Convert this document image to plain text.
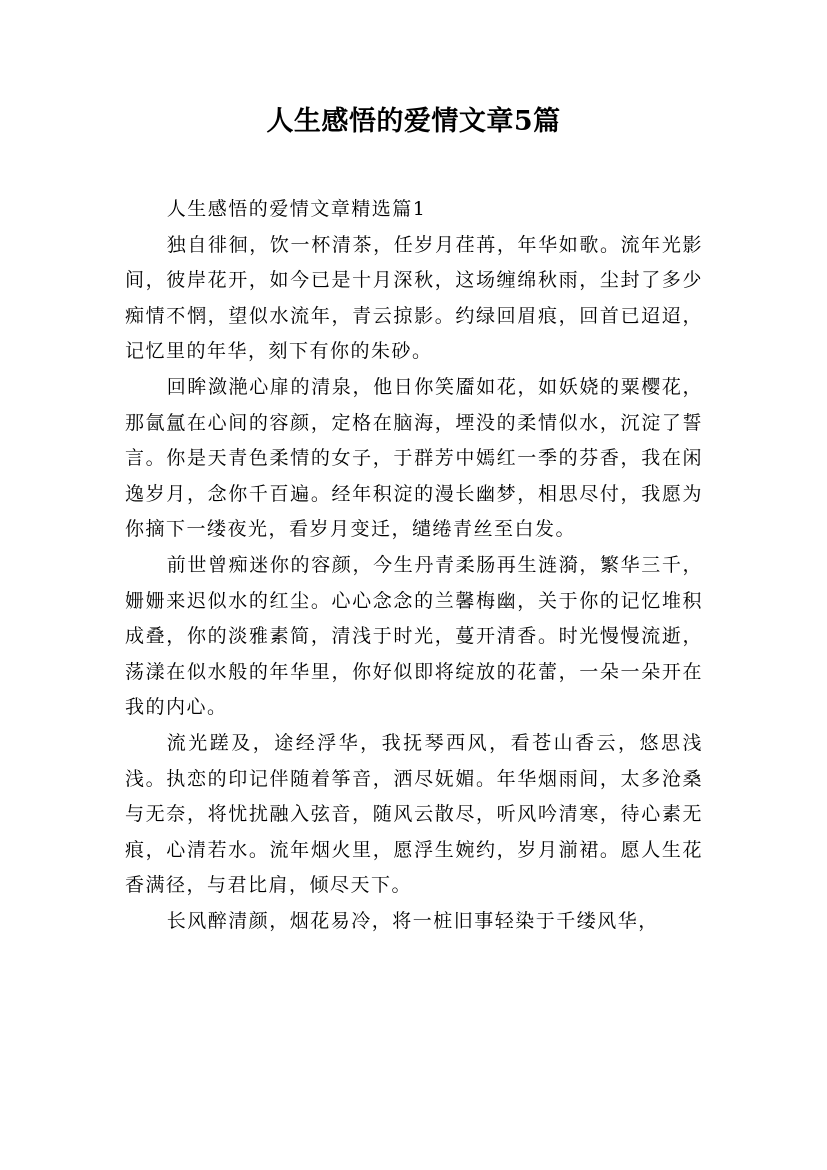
人生感悟的爱情文章5篇

人生感悟的爱情文章精选篇1

独自徘徊，饮一杯清茶，任岁月荏苒，年华如歌。流年光影间，彼岸花开，如今已是十月深秋，这场缠绵秋雨，尘封了多少痴情不惘，望似水流年，青云掠影。约绿回眉痕，回首已迢迢，记忆里的年华，刻下有你的朱砂。

回眸潋滟心扉的清泉，他日你笑靥如花，如妖娆的粟樱花，那氤氲在心间的容颜，定格在脑海，堙没的柔情似水，沉淀了誓言。你是天青色柔情的女子，于群芳中嫣红一季的芬香，我在闲逸岁月，念你千百遍。经年积淀的漫长幽梦，相思尽付，我愿为你摘下一缕夜光，看岁月变迁，缱绻青丝至白发。

前世曾痴迷你的容颜，今生丹青柔肠再生涟漪，繁华三千，姗姗来迟似水的红尘。心心念念的兰馨梅幽，关于你的记忆堆积成叠，你的淡雅素简，清浅于时光，蔓开清香。时光慢慢流逝，荡漾在似水般的年华里，你好似即将绽放的花蕾，一朵一朵开在我的内心。

流光蹉及，途经浮华，我抚琴西风，看苍山香云，悠思浅浅。执恋的印记伴随着筝音，洒尽妩媚。年华烟雨间，太多沧桑与无奈，将忧扰融入弦音，随风云散尽，听风吟清寒，待心素无痕，心清若水。流年烟火里，愿浮生婉约，岁月湔裙。愿人生花香满径，与君比肩，倾尽天下。

长风醉清颜，烟花易冷，将一桩旧事轻染于千缕风华，
